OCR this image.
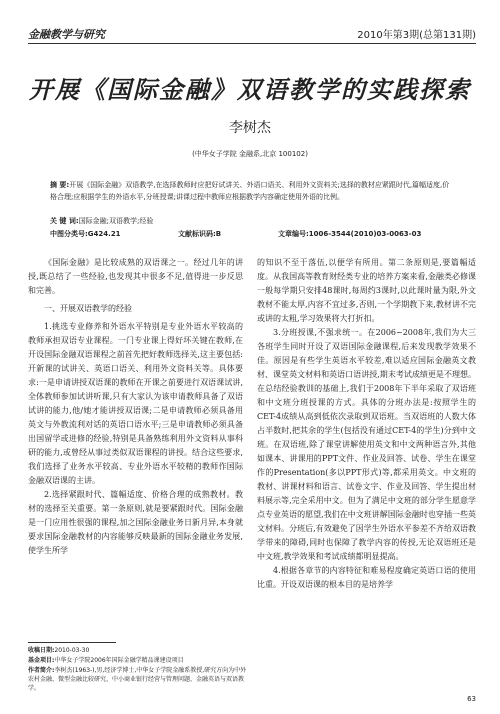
金融教学与研究	2010年第3期(总第131期)
开展《国际金融》双语教学的实践探索
李树杰
(中华女子学院 金融系,北京 100102)
摘 要:开展《国际金融》双语教学,在选择教师时应把好试讲关、外语口语关、利用外文资料关;选择的教材应紧跟时代,篇幅适度,价格合理;应根据学生的外语水平,分班授课;讲课过程中教师应根据教学内容确定使用外语的比例。
关 键 词:国际金融;双语教学;经验
中图分类号:G424.21	文献标识码:B	文章编号:1006-3544(2010)03-0063-03

《国际金融》是比较成熟的双语课之一。经过几年的讲授,既总结了一些经验,也发现其中很多不足,值得进一步反思和完善。

一、开展双语教学的经验

1.挑选专业修养和外语水平特别是专业外语水平较高的教师承担双语专业课程。一门专业课上得好坏关键在教师,在开设国际金融双语课程之前首先把好教师选择关,这主要包括:开新课的试讲关、英语口语关、利用外文资料关等。具体要求:一是申请讲授双语课的教师在开课之前要进行双语课试讲,全体教师参加试讲听课,只有大家认为该申请教师具备了双语试讲的能力,他/她才能讲授双语课;二是申请教师必须具备用英文与外教流利对话的英语口语水平;三是申请教师必须具备出国留学或进修的经验,特别是具备熟练利用外文资料从事科研的能力,或曾经从事过类似双语课程的讲授。结合这些要求,我们选择了业务水平较高、专业外语水平较精的教师作国际金融双语课的主讲。

2.选择紧跟时代、篇幅适度、价格合理的成熟教材。教材的选择至关重要。第一条原则,就是要紧跟时代。国际金融是一门应用性很强的课程,加之国际金融业务日新月异,本身就要求国际金融教材的内容能够反映最新的国际金融业务发展,使学生所学

的知识不至于落伍,以便学有所用。第二条原则是,要篇幅适度。从我国高等教育财经类专业的培养方案来看,金融类必修课一般每学期只安排48课时,每周约3课时,以此课时量为限,外文教材不能太厚,内容不宜过多,否则,一个学期教下来,教材讲不完或讲的太粗,学习效果将大打折扣。

3.分班授课,不强求统一。在2006~2008年,我们为大三各班学生同时开设了双语国际金融课程,后来发现教学效果不佳。原因是有些学生英语水平较差,难以适应国际金融英文教材、课堂英文材料和英语口语讲授,期末考试成绩更是不理想。在总结经验教训的基础上,我们于2008年下半年采取了双语班和中文班分班授课的方式。具体的分班办法是:按照学生的CET-4成绩从高到低依次录取到双语班。当双语班的人数大体占半数时,把其余的学生(包括没有通过CET-4的学生)分到中文班。在双语班,除了课堂讲解使用英文和中文两种语言外,其他如课本、讲课用的PPT文件、作业及回答、试卷、学生在课堂作的Presentation(多以PPT形式)等,都采用英文。中文班的教材、讲课材料和语言、试卷文字、作业及回答、学生提出材料展示等,完全采用中文。但为了满足中文班的部分学生愿意学点专业英语的愿望,我们在中文班讲解国际金融时也穿插一些英文材料。分班后,有效避免了因学生外语水平参差不齐给双语教学带来的障碍,同时也保障了教学内容的传授,无论双语班还是中文班,教学效果和考试成绩都明显提高。

4.根据各章节的内容特征和难易程度确定英语口语的使用比重。开设双语课的根本目的是培养学

收稿日期:2010-03-30
基金项目:中华女子学院2006年国际金融学精品课建设项目
作者简介:李树杰(1963-),男,经济学博士,中华女子学院金融系教授,研究方向为中外农村金融、微型金融比较研究、中小商业银行经营与管理问题、金融英语与双语教学。
63
